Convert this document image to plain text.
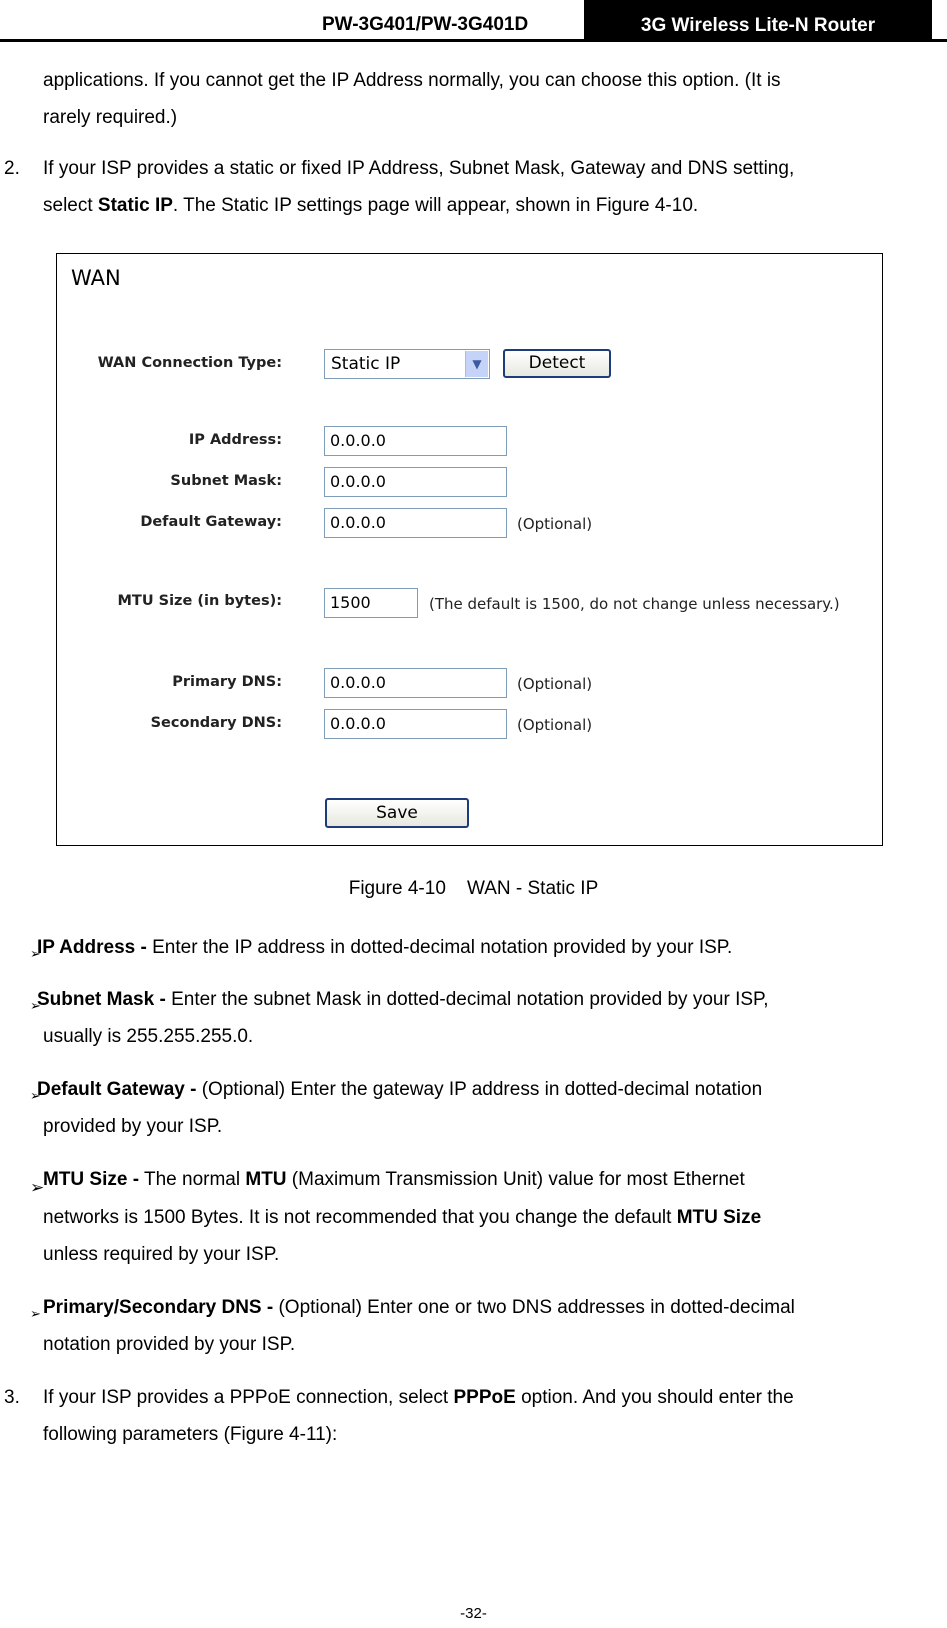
PW-3G401/PW-3G401D	3G Wireless Lite-N Router

applications. If you cannot get the IP Address normally, you can choose this option. (It is

rarely required.)

2. If your ISP provides a static or fixed IP Address, Subnet Mask, Gateway and DNS setting,

select Static IP. The Static IP settings page will appear, shown in Figure 4-10.

WAN
WAN Connection Type:	Static IP	▼	Detect
IP Address:	0.0.0.0
Subnet Mask:	0.0.0.0
Default Gateway:	0.0.0.0	(Optional)
MTU Size (in bytes):	1500	(The default is 1500, do not change unless necessary.)
Primary DNS:	0.0.0.0	(Optional)
Secondary DNS:	0.0.0.0	(Optional)
Save
Figure 4-10    WAN - Static IP
➢

IP Address - Enter the IP address in dotted-decimal notation provided by your ISP.

➢

Subnet Mask - Enter the subnet Mask in dotted-decimal notation provided by your ISP,

usually is 255.255.255.0.

➢

Default Gateway - (Optional) Enter the gateway IP address in dotted-decimal notation

provided by your ISP.

➢

MTU Size - The normal MTU (Maximum Transmission Unit) value for most Ethernet

networks is 1500 Bytes. It is not recommended that you change the default MTU Size

unless required by your ISP.

➢ Primary/Secondary DNS - (Optional) Enter one or two DNS addresses in dotted-decimal

notation provided by your ISP.

3. If your ISP provides a PPPoE connection, select PPPoE option. And you should enter the

following parameters (Figure 4-11):

-32-
